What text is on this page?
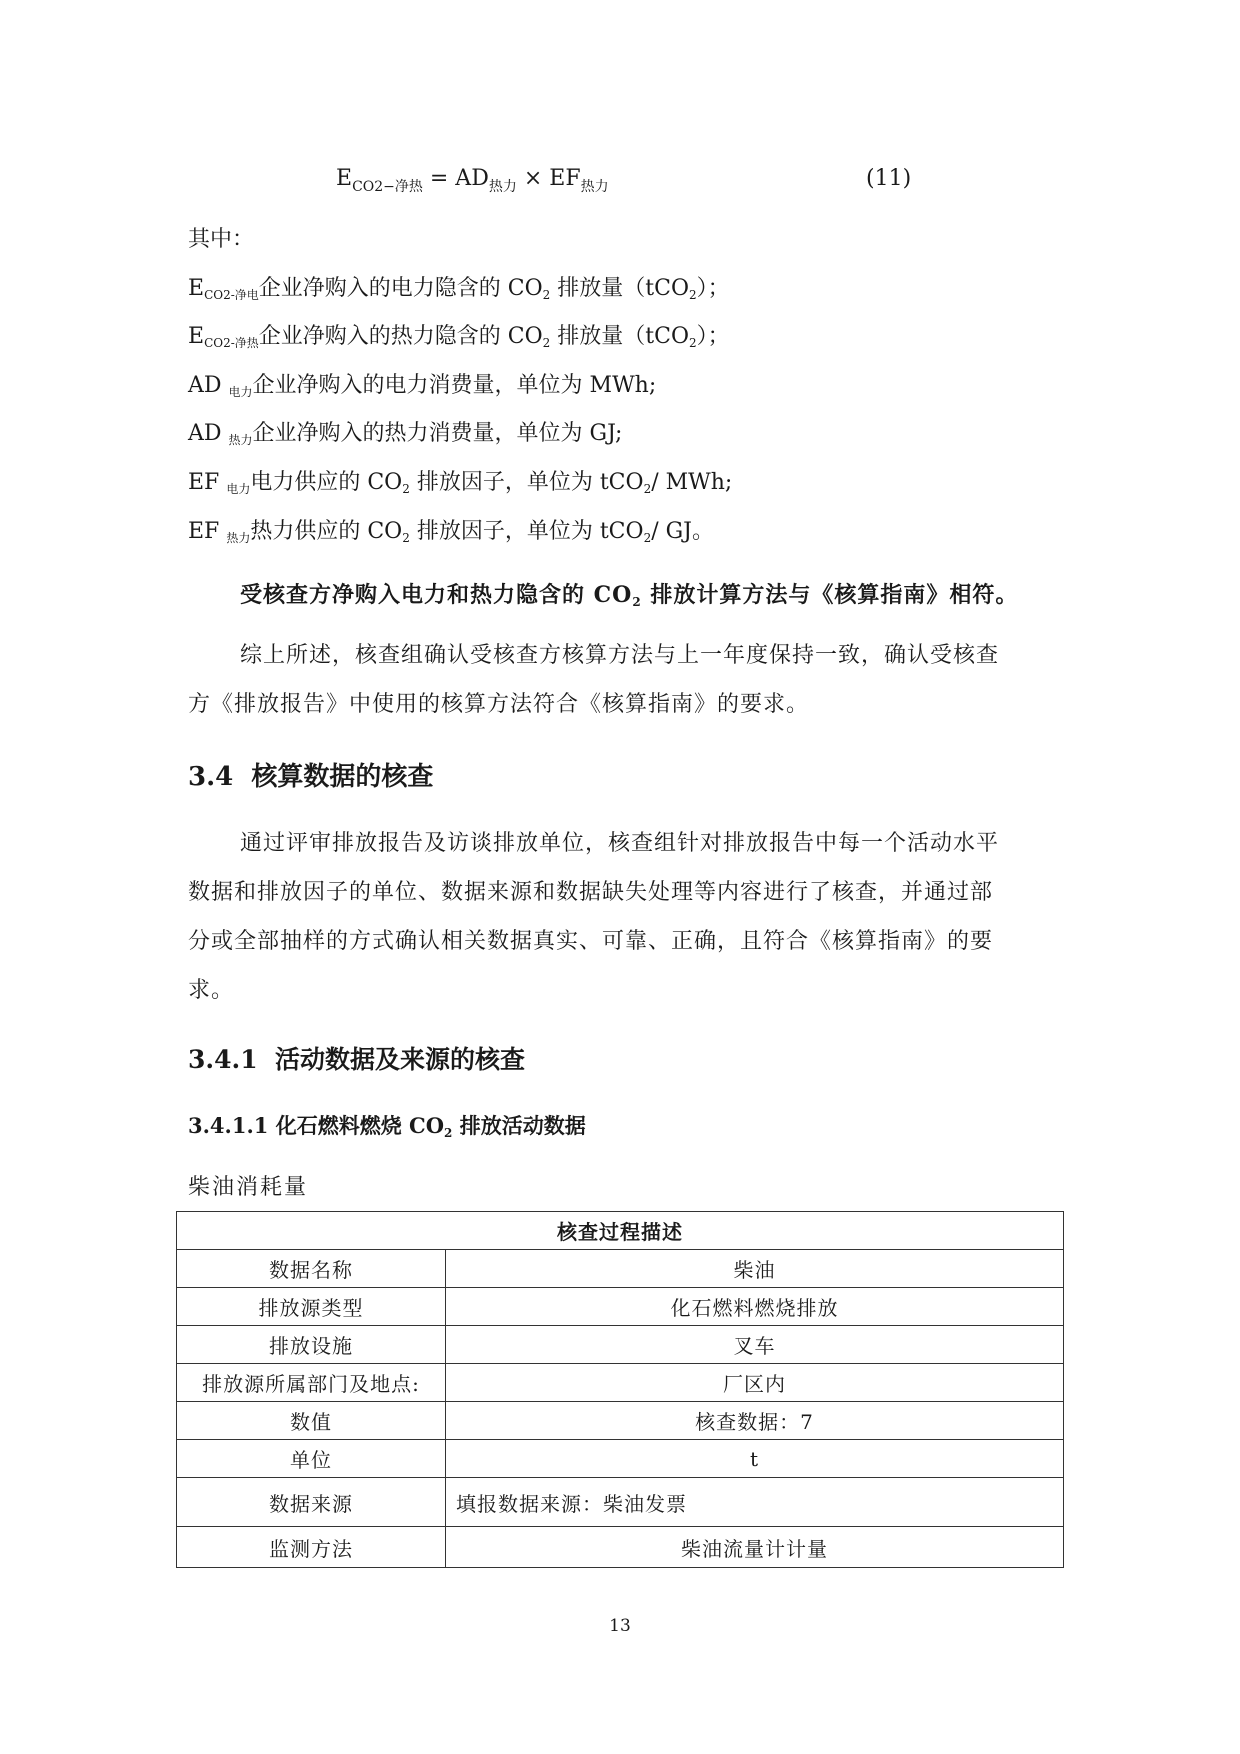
$E_{CO2-净热} = AD_{热力} \times EF_{热力}$	(11)
其中：
$E_{CO2-净电}$企业净购入的电力隐含的 $CO_2$ 排放量（tCO$_2$）；
$E_{CO2-净热}$企业净购入的热力隐含的 $CO_2$ 排放量（tCO$_2$）；
AD $_{电力}$企业净购入的电力消费量，单位为 MWh;
AD $_{热力}$企业净购入的热力消费量，单位为 GJ;
EF $_{电力}$电力供应的 $CO_2$ 排放因子，单位为 tCO$_2$/ MWh;
EF $_{热力}$热力供应的 $CO_2$ 排放因子，单位为 tCO$_2$/ GJ。
受核查方净购入电力和热力隐含的 $CO_2$ 排放计算方法与《核算指南》相符。
综上所述，核查组确认受核查方核算方法与上一年度保持一致，确认受核查
方《排放报告》中使用的核算方法符合《核算指南》的要求。
3.4 核算数据的核查
通过评审排放报告及访谈排放单位，核查组针对排放报告中每一个活动水平
数据和排放因子的单位、数据来源和数据缺失处理等内容进行了核查，并通过部
分或全部抽样的方式确认相关数据真实、可靠、正确，且符合《核算指南》的要
求。
3.4.1 活动数据及来源的核查
3.4.1.1 化石燃料燃烧 $CO_2$ 排放活动数据
柴油消耗量
核查过程描述	
数据名称	柴油
排放源类型	化石燃料燃烧排放
排放设施	叉车
排放源所属部门及地点:	厂区内
数值	核查数据：7
单位	t
数据来源	填报数据来源：柴油发票
监测方法	柴油流量计计量
13
